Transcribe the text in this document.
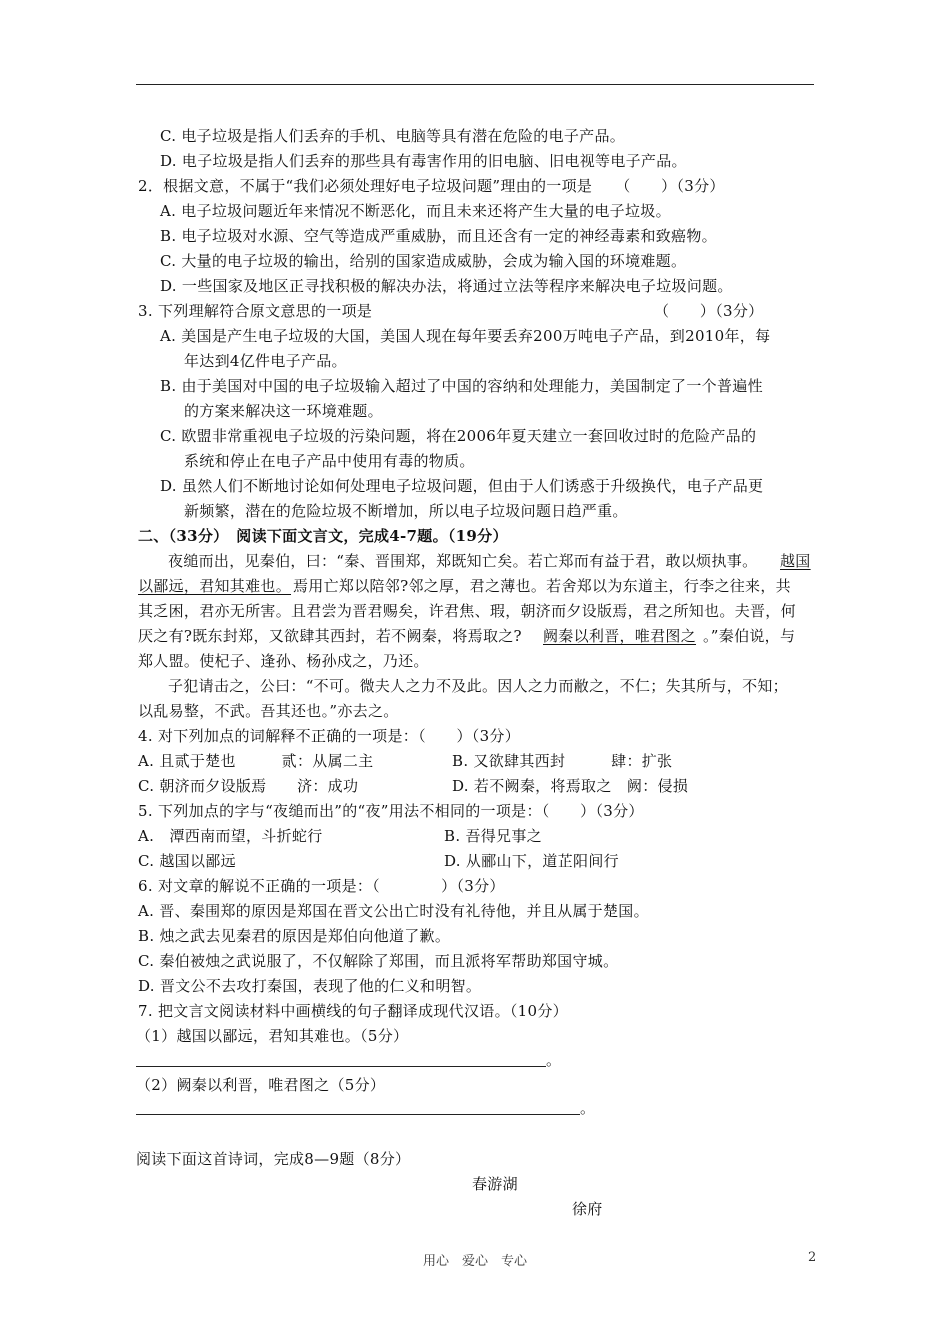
C. 电子垃圾是指人们丢弃的手机、电脑等具有潜在危险的电子产品。
D. 电子垃圾是指人们丢弃的那些具有毒害作用的旧电脑、旧电视等电子产品。
2．根据文意，不属于“我们必须处理好电子垃圾问题”理由的一项是　　（　　）（3分）
A. 电子垃圾问题近年来情况不断恶化，而且未来还将产生大量的电子垃圾。
B. 电子垃圾对水源、空气等造成严重威胁，而且还含有一定的神经毒素和致癌物。
C. 大量的电子垃圾的输出，给别的国家造成威胁，会成为输入国的环境难题。
D. 一些国家及地区正寻找积极的解决办法，将通过立法等程序来解决电子垃圾问题。
3. 下列理解符合原文意思的一项是	（　　）（3分）
A. 美国是产生电子垃圾的大国，美国人现在每年要丢弃200万吨电子产品，到2010年，每
年达到4亿件电子产品。
B. 由于美国对中国的电子垃圾输入超过了中国的容纳和处理能力，美国制定了一个普遍性
的方案来解决这一环境难题。
C. 欧盟非常重视电子垃圾的污染问题，将在2006年夏天建立一套回收过时的危险产品的
系统和停止在电子产品中使用有毒的物质。
D. 虽然人们不断地讨论如何处理电子垃圾问题，但由于人们诱惑于升级换代，电子产品更
新频繁，潜在的危险垃圾不断增加，所以电子垃圾问题日趋严重。
二、（33分）　阅读下面文言文，完成4-7题。（19分）
夜缒而出，见秦伯，曰：“秦、晋围郑，郑既知亡矣。若亡郑而有益于君，敢以烦执事。 越国
以鄙远，君知其难也。 焉用亡郑以陪邻?邻之厚，君之薄也。若舍郑以为东道主，行李之往来，共
其乏困，君亦无所害。且君尝为晋君赐矣，许君焦、瑕，朝济而夕设版焉，君之所知也。夫晋，何
厌之有?既东封郑，又欲肆其西封，若不阙秦，将焉取之? 阙秦以利晋，唯君图之 。”秦伯说，与
郑人盟。使杞子、逢孙、杨孙戍之，乃还。
子犯请击之，公曰：“不可。微夫人之力不及此。因人之力而敝之，不仁；失其所与，不知；
以乱易整，不武。吾其还也。”亦去之。
4. 对下列加点的词解释不正确的一项是：（　　）（3分）
A. 且贰于楚也　　　贰：从属二主	B. 又欲肆其西封　　　肆：扩张
C. 朝济而夕设版焉　　济：成功	D. 若不阙秦，将焉取之　阙：侵损
5. 下列加点的字与“夜缒而出”的“夜”用法不相同的一项是：（　　）（3分）
A.　潭西南而望，斗折蛇行	B. 吾得兄事之
C. 越国以鄙远	D. 从郦山下，道芷阳间行
6. 对文章的解说不正确的一项是：（　　　　）（3分）
A. 晋、秦围郑的原因是郑国在晋文公出亡时没有礼待他，并且从属于楚国。
B. 烛之武去见秦君的原因是郑伯向他道了歉。
C. 秦伯被烛之武说服了，不仅解除了郑围，而且派将军帮助郑国守城。
D. 晋文公不去攻打秦国，表现了他的仁义和明智。
7. 把文言文阅读材料中画横线的句子翻译成现代汉语。（10分）
（1）越国以鄙远，君知其难也。（5分）
。
（2）阙秦以利晋，唯君图之（5分）
。
阅读下面这首诗词，完成8—9题（8分）
春游湖
徐府
用心　爱心　专心	2
